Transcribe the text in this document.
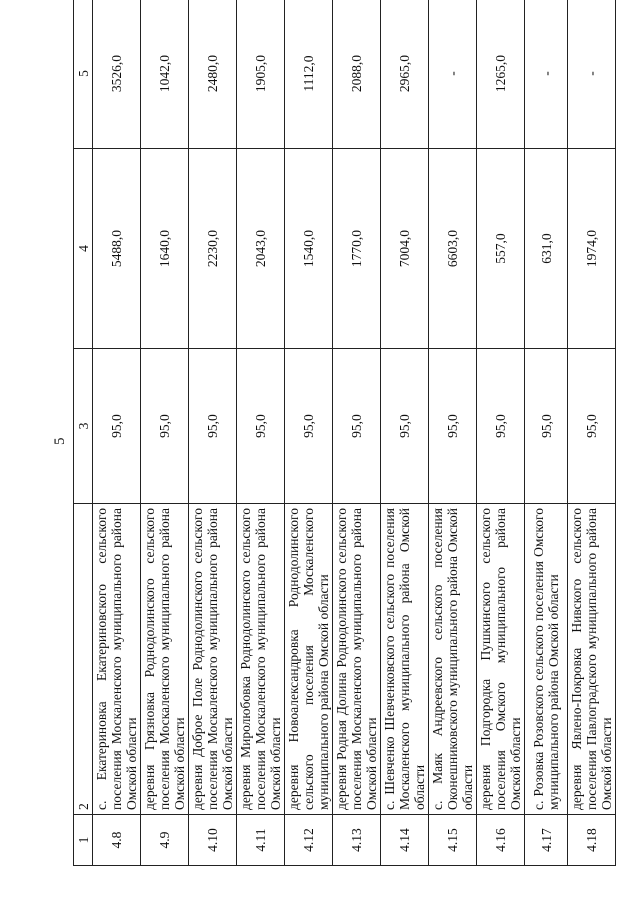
5
1	2	3	4	5
4.8	с. Екатериновка Екатериновского сельского поселения Москаленского муниципального района Омской области	95,0	5488,0	3526,0
4.9	деревня Грязновка Роднодолинского сельского поселения Москаленского муниципального района Омской области	95,0	1640,0	1042,0
4.10	деревня Доброе Поле Роднодолинского сельского поселения Москаленского муниципального района Омской области	95,0	2230,0	2480,0
4.11	деревня Миролюбовка Роднодолинского сельского поселения Москаленского муниципального района Омской области	95,0	2043,0	1905,0
4.12	деревня Новоалександровка Роднодолинского сельского поселения Москаленского муниципального района Омской области	95,0	1540,0	1112,0
4.13	деревня Родная Долина Роднодолинского сельского поселения Москаленского муниципального района Омской области	95,0	1770,0	2088,0
4.14	с. Шевченко Шевченковского сельского поселения Москаленского муниципального района Омской области	95,0	7004,0	2965,0
4.15	с. Маяк Андреевского сельского поселения Оконешниковского муниципального района Омской области	95,0	6603,0	-
4.16	деревня Подгородка Пушкинского сельского поселения Омского муниципального района Омской области	95,0	557,0	1265,0
4.17	с. Розовка Розовского сельского поселения Омского муниципального района Омской области	95,0	631,0	-
4.18	деревня Явлено-Покровка Нивского сельского поселения Павлоградского муниципального района Омской области	95,0	1974,0	-
